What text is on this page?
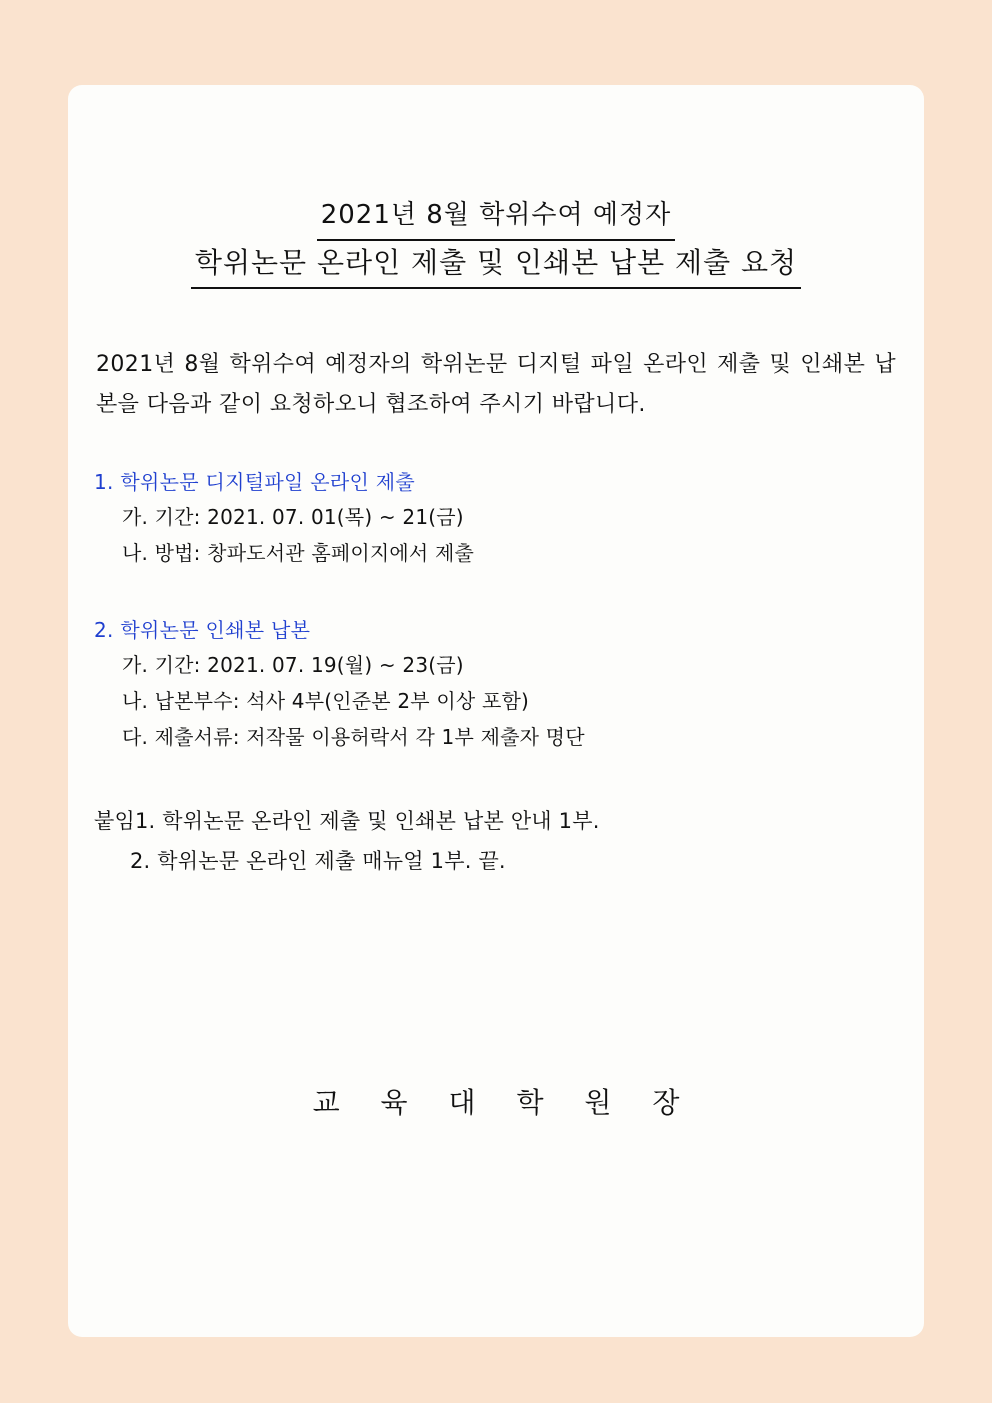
2021년 8월 학위수여 예정자 학위논문 온라인 제출 및 인쇄본 납본 제출 요청
2021년 8월 학위수여 예정자의 학위논문 디지털 파일 온라인 제출 및 인쇄본 납본을 다음과 같이 요청하오니 협조하여 주시기 바랍니다.
1. 학위논문 디지털파일 온라인 제출
가. 기간: 2021. 07. 01(목) ~ 21(금)
나. 방법: 창파도서관 홈페이지에서 제출
2. 학위논문 인쇄본 납본
가. 기간: 2021. 07. 19(월) ~ 23(금)
나. 납본부수: 석사 4부(인준본 2부 이상 포함)
다. 제출서류: 저작물 이용허락서 각 1부 제출자 명단
붙임1. 학위논문 온라인 제출 및 인쇄본 납본 안내 1부.
2. 학위논문 온라인 제출 매뉴얼 1부. 끝.
교 육 대 학 원 장
